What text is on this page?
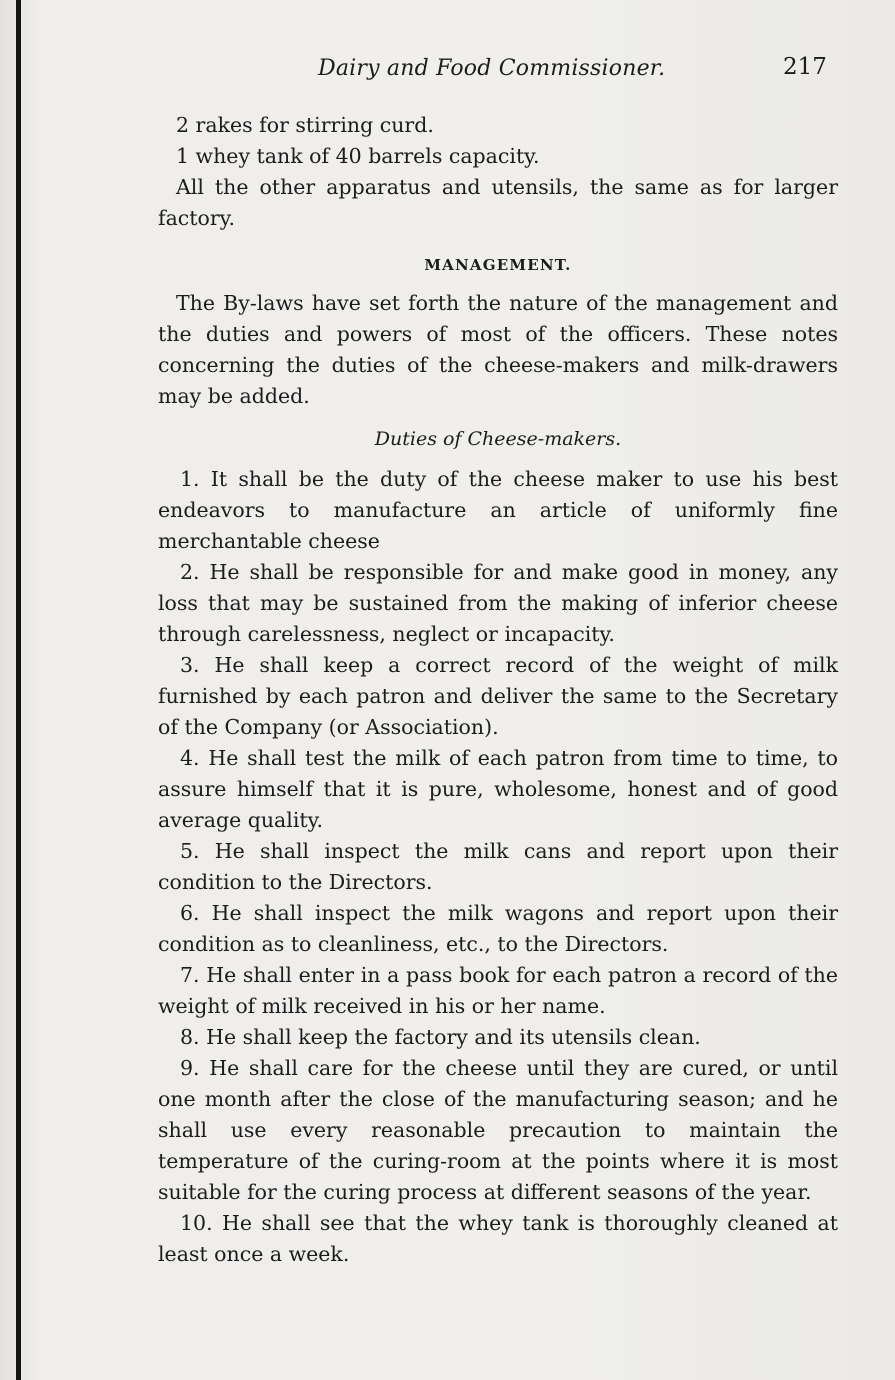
Dairy and Food Commissioner.	217

2 rakes for stirring curd.

1 whey tank of 40 barrels capacity.

All the other apparatus and utensils, the same as for larger factory.

MANAGEMENT.

The By-laws have set forth the nature of the management and the duties and powers of most of the officers. These notes concerning the duties of the cheese-makers and milk-drawers may be added.

Duties of Cheese-makers.

1. It shall be the duty of the cheese maker to use his best endeavors to manufacture an article of uniformly fine merchantable cheese

2. He shall be responsible for and make good in money, any loss that may be sustained from the making of inferior cheese through carelessness, neglect or incapacity.

3. He shall keep a correct record of the weight of milk furnished by each patron and deliver the same to the Secretary of the Company (or Association).

4. He shall test the milk of each patron from time to time, to assure himself that it is pure, wholesome, honest and of good average quality.

5. He shall inspect the milk cans and report upon their condition to the Directors.

6. He shall inspect the milk wagons and report upon their condition as to cleanliness, etc., to the Directors.

7. He shall enter in a pass book for each patron a record of the weight of milk received in his or her name.

8. He shall keep the factory and its utensils clean.

9. He shall care for the cheese until they are cured, or until one month after the close of the manufacturing season; and he shall use every reasonable precaution to maintain the temperature of the curing-room at the points where it is most suitable for the curing process at different seasons of the year.

10. He shall see that the whey tank is thoroughly cleaned at least once a week.
